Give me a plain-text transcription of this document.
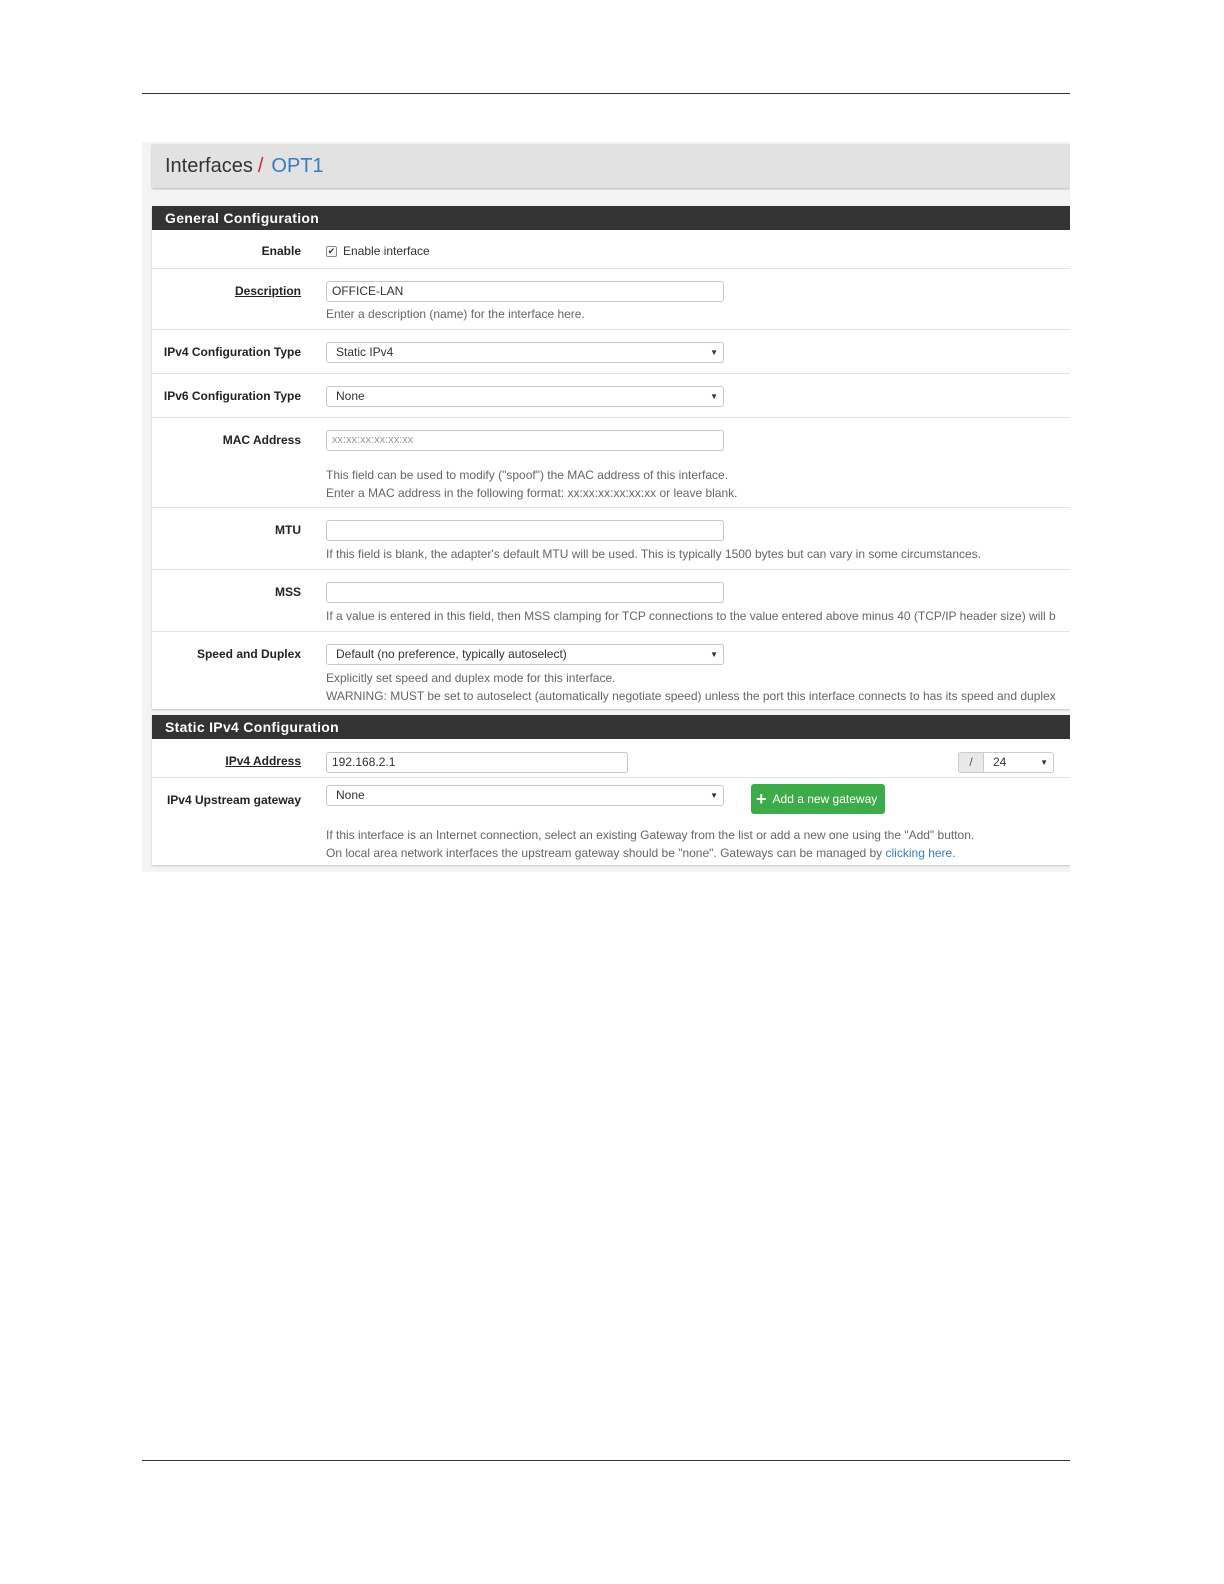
Interfaces / OPT1
General Configuration
Enable	✔ Enable interface
Description	OFFICE-LAN
Enter a description (name) for the interface here.
IPv4 Configuration Type	Static IPv4	▼
IPv6 Configuration Type	None	▼
MAC Address	xx:xx:xx:xx:xx:xx
This field can be used to modify ("spoof") the MAC address of this interface.
Enter a MAC address in the following format: xx:xx:xx:xx:xx:xx or leave blank.
MTU
If this field is blank, the adapter's default MTU will be used. This is typically 1500 bytes but can vary in some circumstances.
MSS
If a value is entered in this field, then MSS clamping for TCP connections to the value entered above minus 40 (TCP/IP header size) will b
Speed and Duplex	Default (no preference, typically autoselect)	▼
Explicitly set speed and duplex mode for this interface.
WARNING: MUST be set to autoselect (automatically negotiate speed) unless the port this interface connects to has its speed and duplex
Static IPv4 Configuration
IPv4 Address	192.168.2.1	/	24	▼
IPv4 Upstream gateway	None	▼
If this interface is an Internet connection, select an existing Gateway from the list or add a new one using the "Add" button.
On local area network interfaces the upstream gateway should be "none". Gateways can be managed by clicking here.
+ Add a new gateway
